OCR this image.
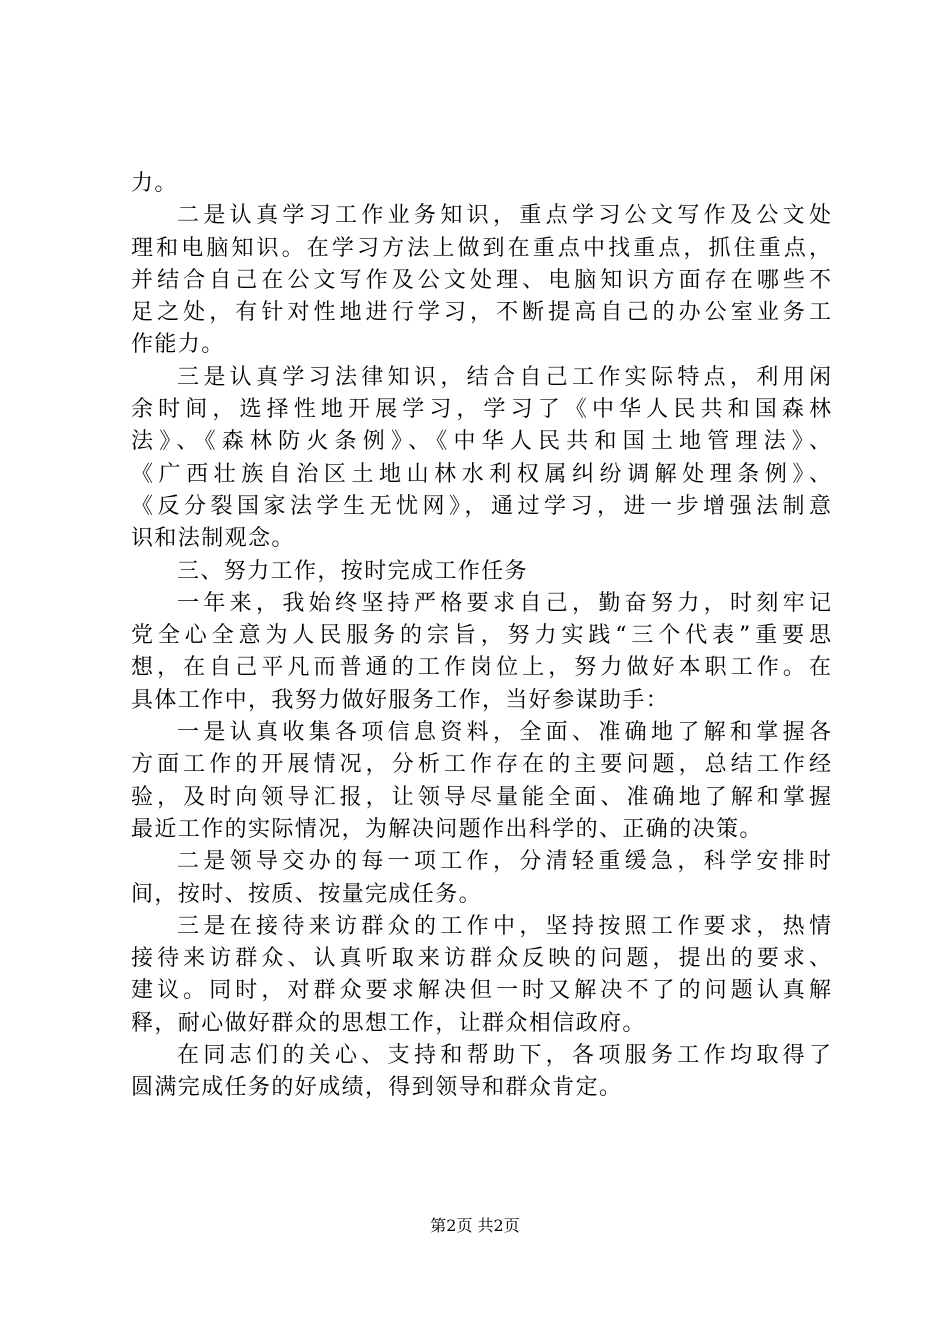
力。
二是认真学习工作业务知识，重点学习公文写作及公文处
理和电脑知识。在学习方法上做到在重点中找重点，抓住重点，
并结合自己在公文写作及公文处理、电脑知识方面存在哪些不
足之处，有针对性地进行学习，不断提高自己的办公室业务工
作能力。
三是认真学习法律知识，结合自己工作实际特点，利用闲
余时间，选择性地开展学习，学习了《中华人民共和国森林
法》、《森林防火条例》、《中华人民共和国土地管理法》、
《广西壮族自治区土地山林水利权属纠纷调解处理条例》、
《反分裂国家法学生无忧网》，通过学习，进一步增强法制意
识和法制观念。
三、努力工作，按时完成工作任务
一年来，我始终坚持严格要求自己，勤奋努力，时刻牢记
党全心全意为人民服务的宗旨，努力实践“三个代表”重要思
想，在自己平凡而普通的工作岗位上，努力做好本职工作。在
具体工作中，我努力做好服务工作，当好参谋助手：
一是认真收集各项信息资料，全面、准确地了解和掌握各
方面工作的开展情况，分析工作存在的主要问题，总结工作经
验，及时向领导汇报，让领导尽量能全面、准确地了解和掌握
最近工作的实际情况，为解决问题作出科学的、正确的决策。
二是领导交办的每一项工作，分清轻重缓急，科学安排时
间，按时、按质、按量完成任务。
三是在接待来访群众的工作中，坚持按照工作要求，热情
接待来访群众、认真听取来访群众反映的问题，提出的要求、
建议。同时，对群众要求解决但一时又解决不了的问题认真解
释，耐心做好群众的思想工作，让群众相信政府。
在同志们的关心、支持和帮助下，各项服务工作均取得了
圆满完成任务的好成绩，得到领导和群众肯定。
第2页 共2页
